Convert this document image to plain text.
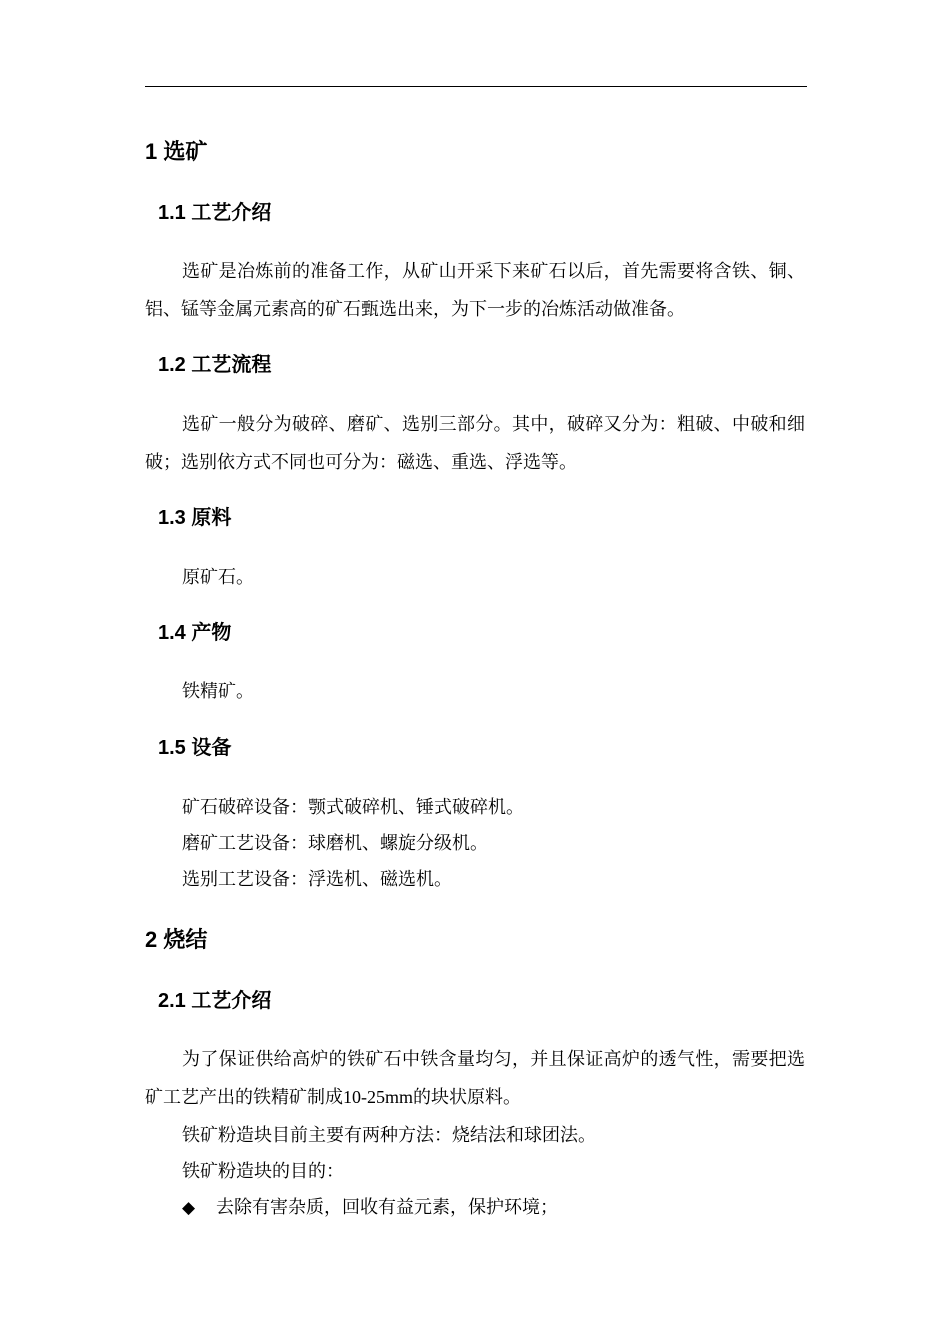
1 选矿
1.1 工艺介绍

选矿是冶炼前的准备工作，从矿山开采下来矿石以后，首先需要将含铁、铜、铝、锰等金属元素高的矿石甄选出来，为下一步的冶炼活动做准备。

1.2 工艺流程

选矿一般分为破碎、磨矿、选别三部分。其中，破碎又分为：粗破、中破和细破；选别依方式不同也可分为：磁选、重选、浮选等。

1.3 原料

原矿石。

1.4 产物

铁精矿。

1.5 设备

矿石破碎设备：颚式破碎机、锤式破碎机。

磨矿工艺设备：球磨机、螺旋分级机。

选别工艺设备：浮选机、磁选机。

2 烧结
2.1 工艺介绍

为了保证供给高炉的铁矿石中铁含量均匀，并且保证高炉的透气性，需要把选矿工艺产出的铁精矿制成10-25mm的块状原料。

铁矿粉造块目前主要有两种方法：烧结法和球团法。

铁矿粉造块的目的：

◆ 去除有害杂质，回收有益元素，保护环境；
